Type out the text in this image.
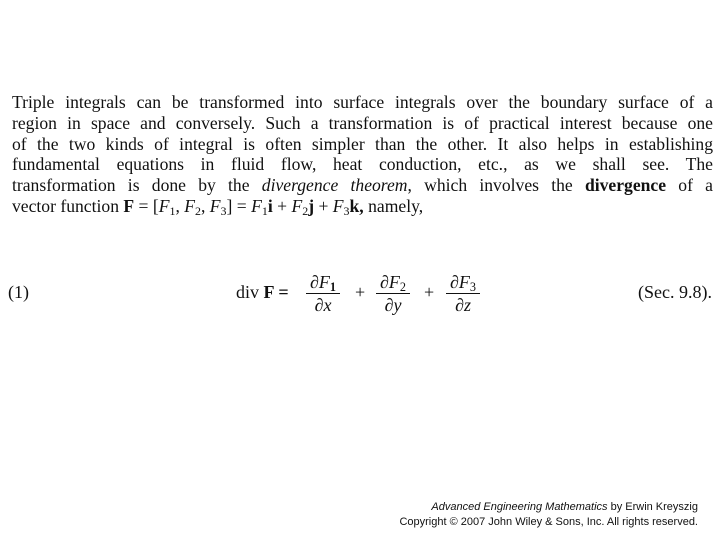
Triple integrals can be transformed into surface integrals over the boundary surface of a
region in space and conversely. Such a transformation is of practical interest because one
of the two kinds of integral is often simpler than the other. It also helps in establishing
fundamental equations in fluid flow, heat conduction, etc., as we shall see. The
transformation is done by the divergence theorem, which involves the divergence of a
vector function $F = [F_1$, $F_2$, $F_3] = F_1i + F_2j + F_3k$, namely,
(1)	div $F = \frac{\partial F_1}{\partial x} + \frac{\partial F_2}{\partial y} + \frac{\partial F_3}{\partial z}$	(Sec. 9.8).
Advanced Engineering Mathematics by Erwin Kreyszig
Copyright © 2007 John Wiley & Sons, Inc. All rights reserved.
